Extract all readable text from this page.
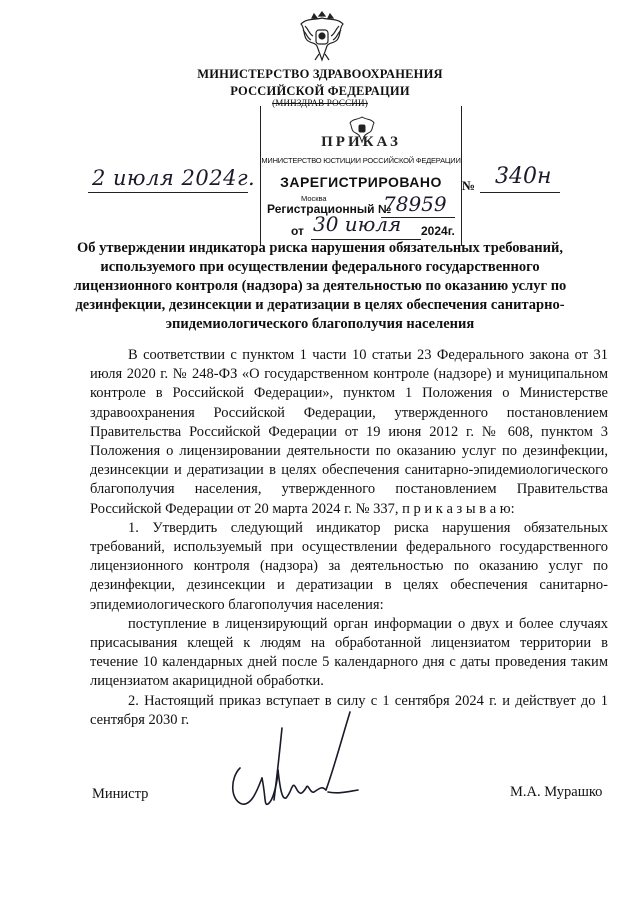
МИНИСТЕРСТВО ЗДРАВООХРАНЕНИЯ
РОССИЙСКОЙ ФЕДЕРАЦИИ
(МИНЗДРАВ РОССИИ)
ПРИКАЗ
МИНИСТЕРСТВО ЮСТИЦИИ РОССИЙСКОЙ ФЕДЕРАЦИИ
ЗАРЕГИСТРИРОВАНО
Москва
Регистрационный №
78959
от 30 июля 2024г.
2 июля 2024г.	№ 340н
Об утверждении индикатора риска нарушения обязательных требований, используемого при осуществлении федерального государственного лицензионного контроля (надзора) за деятельностью по оказанию услуг по дезинфекции, дезинсекции и дератизации в целях обеспечения санитарно-эпидемиологического благополучия населения

В соответствии с пунктом 1 части 10 статьи 23 Федерального закона от 31 июля 2020 г. № 248-ФЗ «О государственном контроле (надзоре) и муниципальном контроле в Российской Федерации», пунктом 1 Положения о Министерстве здравоохранения Российской Федерации, утвержденного постановлением Правительства Российской Федерации от 19 июня 2012 г. № 608, пунктом 3 Положения о лицензировании деятельности по оказанию услуг по дезинфекции, дезинсекции и дератизации в целях обеспечения санитарно-эпидемиологического благополучия населения, утвержденного постановлением Правительства Российской Федерации от 20 марта 2024 г. № 337, п р и к а з ы в а ю:

1. Утвердить следующий индикатор риска нарушения обязательных требований, используемый при осуществлении федерального государственного лицензионного контроля (надзора) за деятельностью по оказанию услуг по дезинфекции, дезинсекции и дератизации в целях обеспечения санитарно-эпидемиологического благополучия населения:

поступление в лицензирующий орган информации о двух и более случаях присасывания клещей к людям на обработанной лицензиатом территории в течение 10 календарных дней после 5 календарного дня с даты проведения таким лицензиатом акарицидной обработки.

2. Настоящий приказ вступает в силу с 1 сентября 2024 г. и действует до 1 сентября 2030 г.

Министр	М.А. Мурашко
